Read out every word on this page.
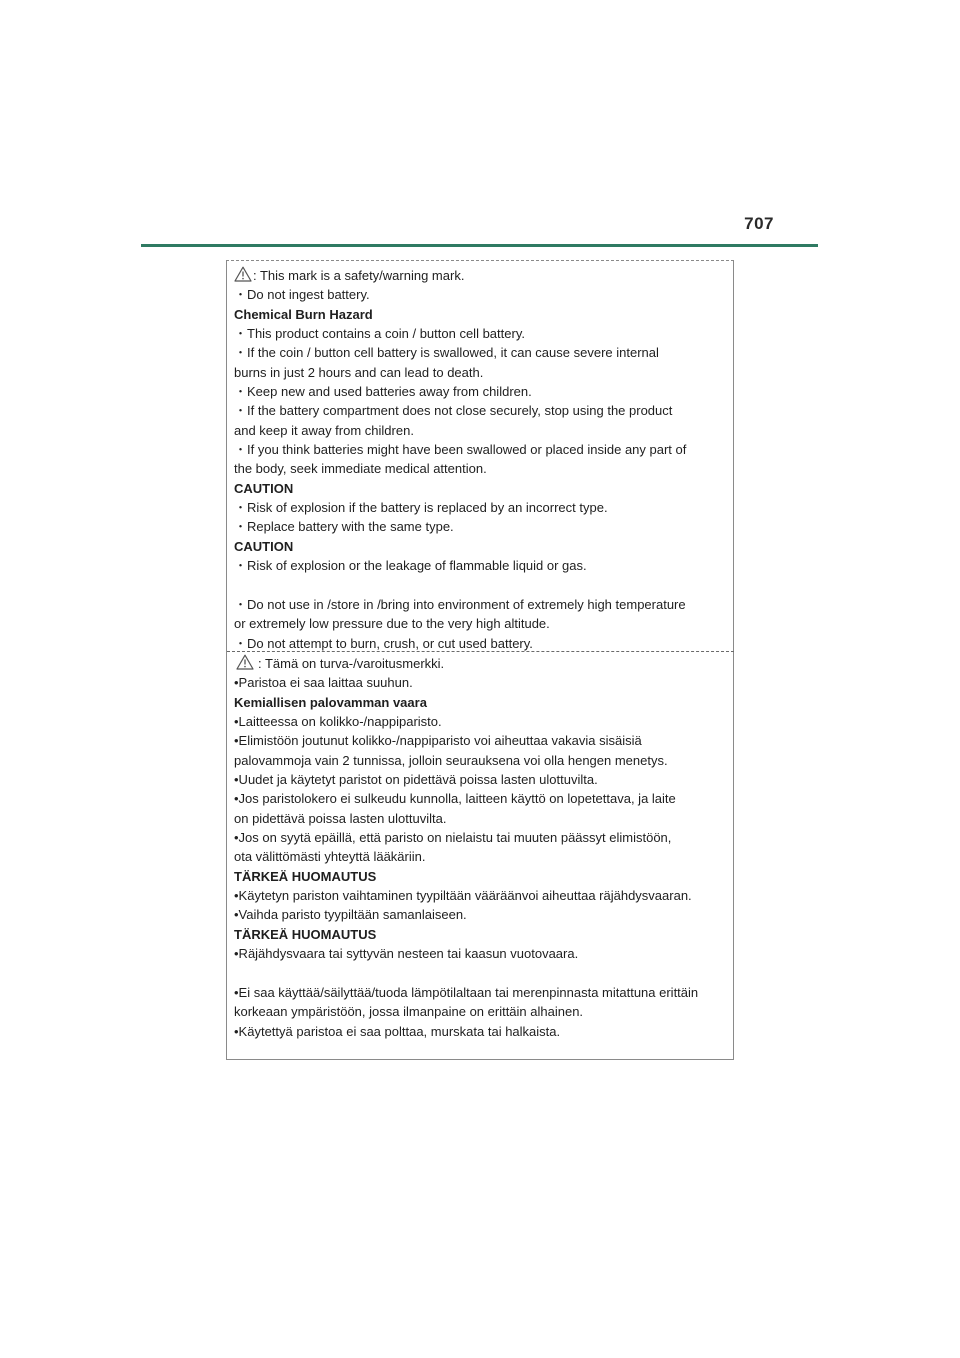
707
: This mark is a safety/warning mark.
・Do not ingest battery.
Chemical Burn Hazard
・This product contains a coin / button cell battery.
・If the coin / button cell battery is swallowed, it can cause severe internal
burns in just 2 hours and can lead to death.
・Keep new and used batteries away from children.
・If the battery compartment does not close securely, stop using the product
and keep it away from children.
・If you think batteries might have been swallowed or placed inside any part of
the body, seek immediate medical attention.
CAUTION
・Risk of explosion if the battery is replaced by an incorrect type.
・Replace battery with the same type.
CAUTION
・Risk of explosion or the leakage of flammable liquid or gas.
・Do not use in /store in /bring into environment of extremely high temperature
or extremely low pressure due to the very high altitude.
・Do not attempt to burn, crush, or cut used battery.
: Tämä on turva-/varoitusmerkki.
•Paristoa ei saa laittaa suuhun.
Kemiallisen palovamman vaara
•Laitteessa on kolikko-/nappiparisto.
•Elimistöön joutunut kolikko-/nappiparisto voi aiheuttaa vakavia sisäisiä
palovammoja vain 2 tunnissa, jolloin seurauksena voi olla hengen menetys.
•Uudet ja käytetyt paristot on pidettävä poissa lasten ulottuvilta.
•Jos paristolokero ei sulkeudu kunnolla, laitteen käyttö on lopetettava, ja laite
on pidettävä poissa lasten ulottuvilta.
•Jos on syytä epäillä, että paristo on nielaistu tai muuten päässyt elimistöön,
ota välittömästi yhteyttä lääkäriin.
TÄRKEÄ HUOMAUTUS
•Käytetyn pariston vaihtaminen tyypiltään vääräänvoi aiheuttaa räjähdysvaaran.
•Vaihda paristo tyypiltään samanlaiseen.
TÄRKEÄ HUOMAUTUS
•Räjähdysvaara tai syttyvän nesteen tai kaasun vuotovaara.
•Ei saa käyttää/säilyttää/tuoda lämpötilaltaan tai merenpinnasta mitattuna erittäin
korkeaan ympäristöön, jossa ilmanpaine on erittäin alhainen.
•Käytettyä paristoa ei saa polttaa, murskata tai halkaista.
